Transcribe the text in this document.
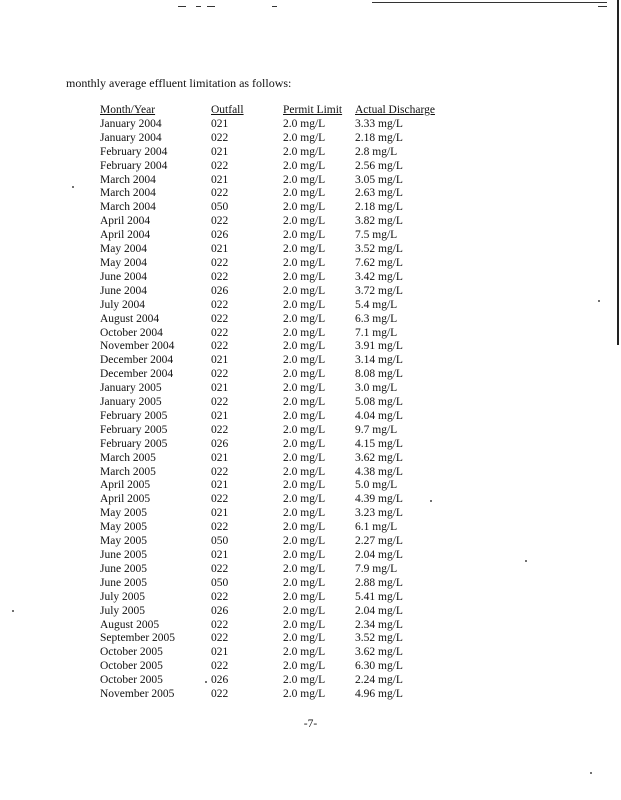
monthly average effluent limitation as follows:
Month/Year	Outfall	Permit Limit	Actual Discharge
January 2004	021	2.0 mg/L	3.33 mg/L
January 2004	022	2.0 mg/L	2.18 mg/L
February 2004	021	2.0 mg/L	2.8 mg/L
February 2004	022	2.0 mg/L	2.56 mg/L
March 2004	021	2.0 mg/L	3.05 mg/L
March 2004	022	2.0 mg/L	2.63 mg/L
March 2004	050	2.0 mg/L	2.18 mg/L
April 2004	022	2.0 mg/L	3.82 mg/L
April 2004	026	2.0 mg/L	7.5 mg/L
May 2004	021	2.0 mg/L	3.52 mg/L
May 2004	022	2.0 mg/L	7.62 mg/L
June 2004	022	2.0 mg/L	3.42 mg/L
June 2004	026	2.0 mg/L	3.72 mg/L
July 2004	022	2.0 mg/L	5.4 mg/L
August 2004	022	2.0 mg/L	6.3 mg/L
October 2004	022	2.0 mg/L	7.1 mg/L
November 2004	022	2.0 mg/L	3.91 mg/L
December 2004	021	2.0 mg/L	3.14 mg/L
December 2004	022	2.0 mg/L	8.08 mg/L
January 2005	021	2.0 mg/L	3.0 mg/L
January 2005	022	2.0 mg/L	5.08 mg/L
February 2005	021	2.0 mg/L	4.04 mg/L
February 2005	022	2.0 mg/L	9.7 mg/L
February 2005	026	2.0 mg/L	4.15 mg/L
March 2005	021	2.0 mg/L	3.62 mg/L
March 2005	022	2.0 mg/L	4.38 mg/L
April 2005	021	2.0 mg/L	5.0 mg/L
April 2005	022	2.0 mg/L	4.39 mg/L
May 2005	021	2.0 mg/L	3.23 mg/L
May 2005	022	2.0 mg/L	6.1 mg/L
May 2005	050	2.0 mg/L	2.27 mg/L
June 2005	021	2.0 mg/L	2.04 mg/L
June 2005	022	2.0 mg/L	7.9 mg/L
June 2005	050	2.0 mg/L	2.88 mg/L
July 2005	022	2.0 mg/L	5.41 mg/L
July 2005	026	2.0 mg/L	2.04 mg/L
August 2005	022	2.0 mg/L	2.34 mg/L
September 2005	022	2.0 mg/L	3.52 mg/L
October 2005	021	2.0 mg/L	3.62 mg/L
October 2005	022	2.0 mg/L	6.30 mg/L
October 2005	026	2.0 mg/L	2.24 mg/L
November 2005	022	2.0 mg/L	4.96 mg/L
-7-
